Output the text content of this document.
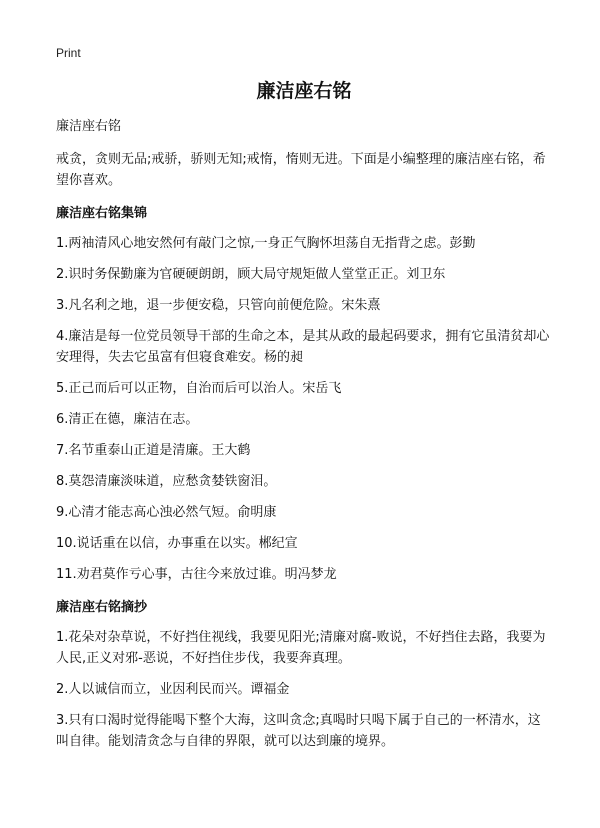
Print
廉洁座右铭

廉洁座右铭

戒贪，贪则无品;戒骄，骄则无知;戒惰，惰则无进。下面是小编整理的廉洁座右铭，希望你喜欢。

廉洁座右铭集锦

1.两袖清风心地安然何有敲门之惊,一身正气胸怀坦荡自无指背之虑。彭勤
2.识时务保勤廉为官硬硬朗朗，顾大局守规矩做人堂堂正正。刘卫东
3.凡名利之地，退一步便安稳，只管向前便危险。宋朱熹
4.廉洁是每一位党员领导干部的生命之本，是其从政的最起码要求，拥有它虽清贫却心安理得，失去它虽富有但寝食难安。杨的昶
5.正己而后可以正物，自治而后可以治人。宋岳飞
6.清正在德，廉洁在志。
7.名节重泰山正道是清廉。王大鹤
8.莫怨清廉淡味道，应愁贪婪铁窗泪。
9.心清才能志高心浊必然气短。俞明康
10.说话重在以信，办事重在以实。郴纪宣
11.劝君莫作亏心事，古往今来放过谁。明冯梦龙

廉洁座右铭摘抄

1.花朵对杂草说，不好挡住视线，我要见阳光;清廉对腐-败说，不好挡住去路，我要为人民,正义对邪-恶说，不好挡住步伐，我要奔真理。
2.人以诚信而立，业因利民而兴。谭福金
3.只有口渴时觉得能喝下整个大海，这叫贪念;真喝时只喝下属于自己的一杯清水，这叫自律。能划清贪念与自律的界限，就可以达到廉的境界。
